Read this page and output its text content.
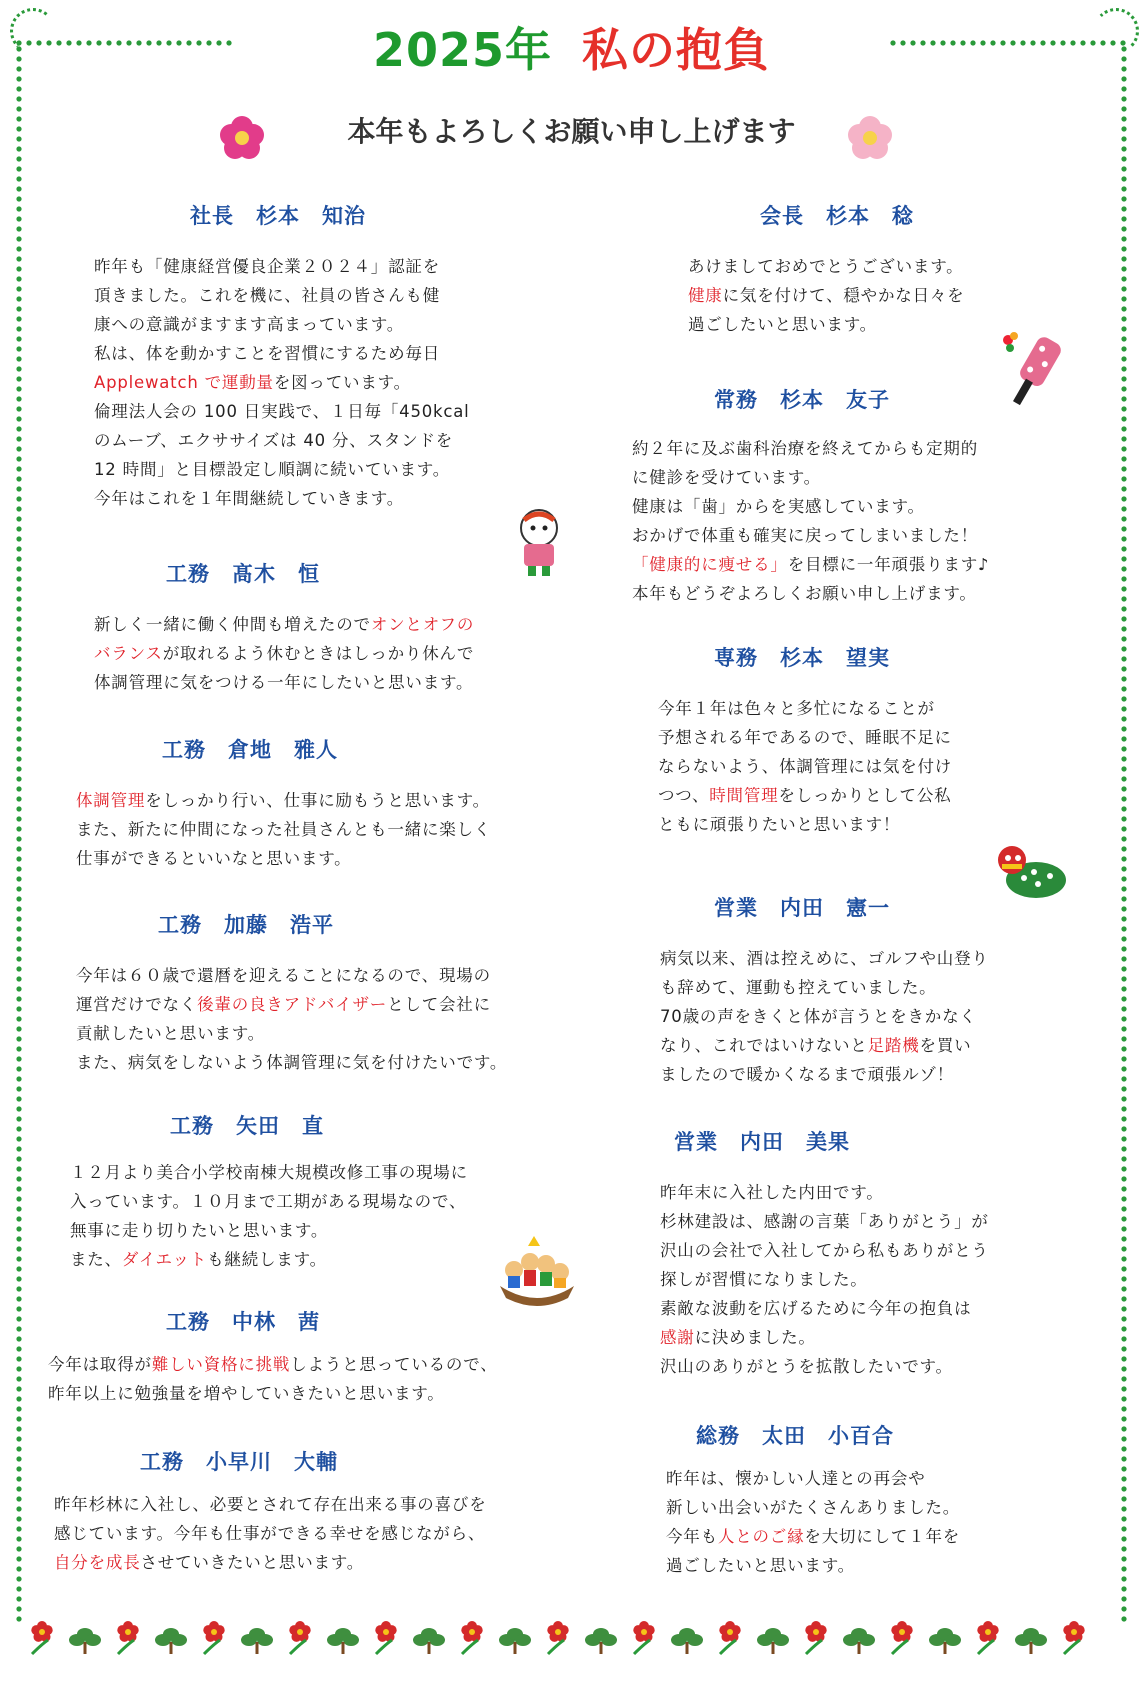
2025年 私の抱負
本年もよろしくお願い申し上げます
社長　杉本　知治
昨年も「健康経営優良企業２０２４」認証を
頂きました。これを機に、社員の皆さんも健
康への意識がますます高まっています。
私は、体を動かすことを習慣にするため毎日
Applewatch で運動量を図っています。
倫理法人会の 100 日実践で、１日毎「450kcal
のムーブ、エクササイズは 40 分、スタンドを
12 時間」と目標設定し順調に続いています。
今年はこれを１年間継続していきます。
工務　髙木　恒
新しく一緒に働く仲間も増えたのでオンとオフの
バランスが取れるよう休むときはしっかり休んで
体調管理に気をつける一年にしたいと思います。
工務　倉地　雅人
体調管理をしっかり行い、仕事に励もうと思います。
また、新たに仲間になった社員さんとも一緒に楽しく
仕事ができるといいなと思います。
工務　加藤　浩平
今年は６０歳で還暦を迎えることになるので、現場の
運営だけでなく後輩の良きアドバイザーとして会社に
貢献したいと思います。
また、病気をしないよう体調管理に気を付けたいです。
工務　矢田　直
１２月より美合小学校南棟大規模改修工事の現場に
入っています。１０月まで工期がある現場なので、
無事に走り切りたいと思います。
また、ダイエットも継続します。
工務　中林　茜
今年は取得が難しい資格に挑戦しようと思っているので、
昨年以上に勉強量を増やしていきたいと思います。
工務　小早川　大輔
昨年杉林に入社し、必要とされて存在出来る事の喜びを
感じています。今年も仕事ができる幸せを感じながら、
自分を成長させていきたいと思います。
会長　杉本　稔
あけましておめでとうございます。
健康に気を付けて、穏やかな日々を
過ごしたいと思います。
常務　杉本　友子
約２年に及ぶ歯科治療を終えてからも定期的
に健診を受けています。
健康は「歯」からを実感しています。
おかげで体重も確実に戻ってしまいました！
「健康的に痩せる」を目標に一年頑張ります♪
本年もどうぞよろしくお願い申し上げます。
専務　杉本　望実
今年１年は色々と多忙になることが
予想される年であるので、睡眠不足に
ならないよう、体調管理には気を付け
つつ、時間管理をしっかりとして公私
ともに頑張りたいと思います！
営業　内田　憲一
病気以来、酒は控えめに、ゴルフや山登り
も辞めて、運動も控えていました。
70歳の声をきくと体が言うとをきかなく
なり、これではいけないと足踏機を買い
ましたので暖かくなるまで頑張ルゾ！
営業　内田　美果
昨年末に入社した内田です。
杉林建設は、感謝の言葉「ありがとう」が
沢山の会社で入社してから私もありがとう
探しが習慣になりました。
素敵な波動を広げるために今年の抱負は
感謝に決めました。
沢山のありがとうを拡散したいです。
総務　太田　小百合
昨年は、懐かしい人達との再会や
新しい出会いがたくさんありました。
今年も人とのご縁を大切にして１年を
過ごしたいと思います。
